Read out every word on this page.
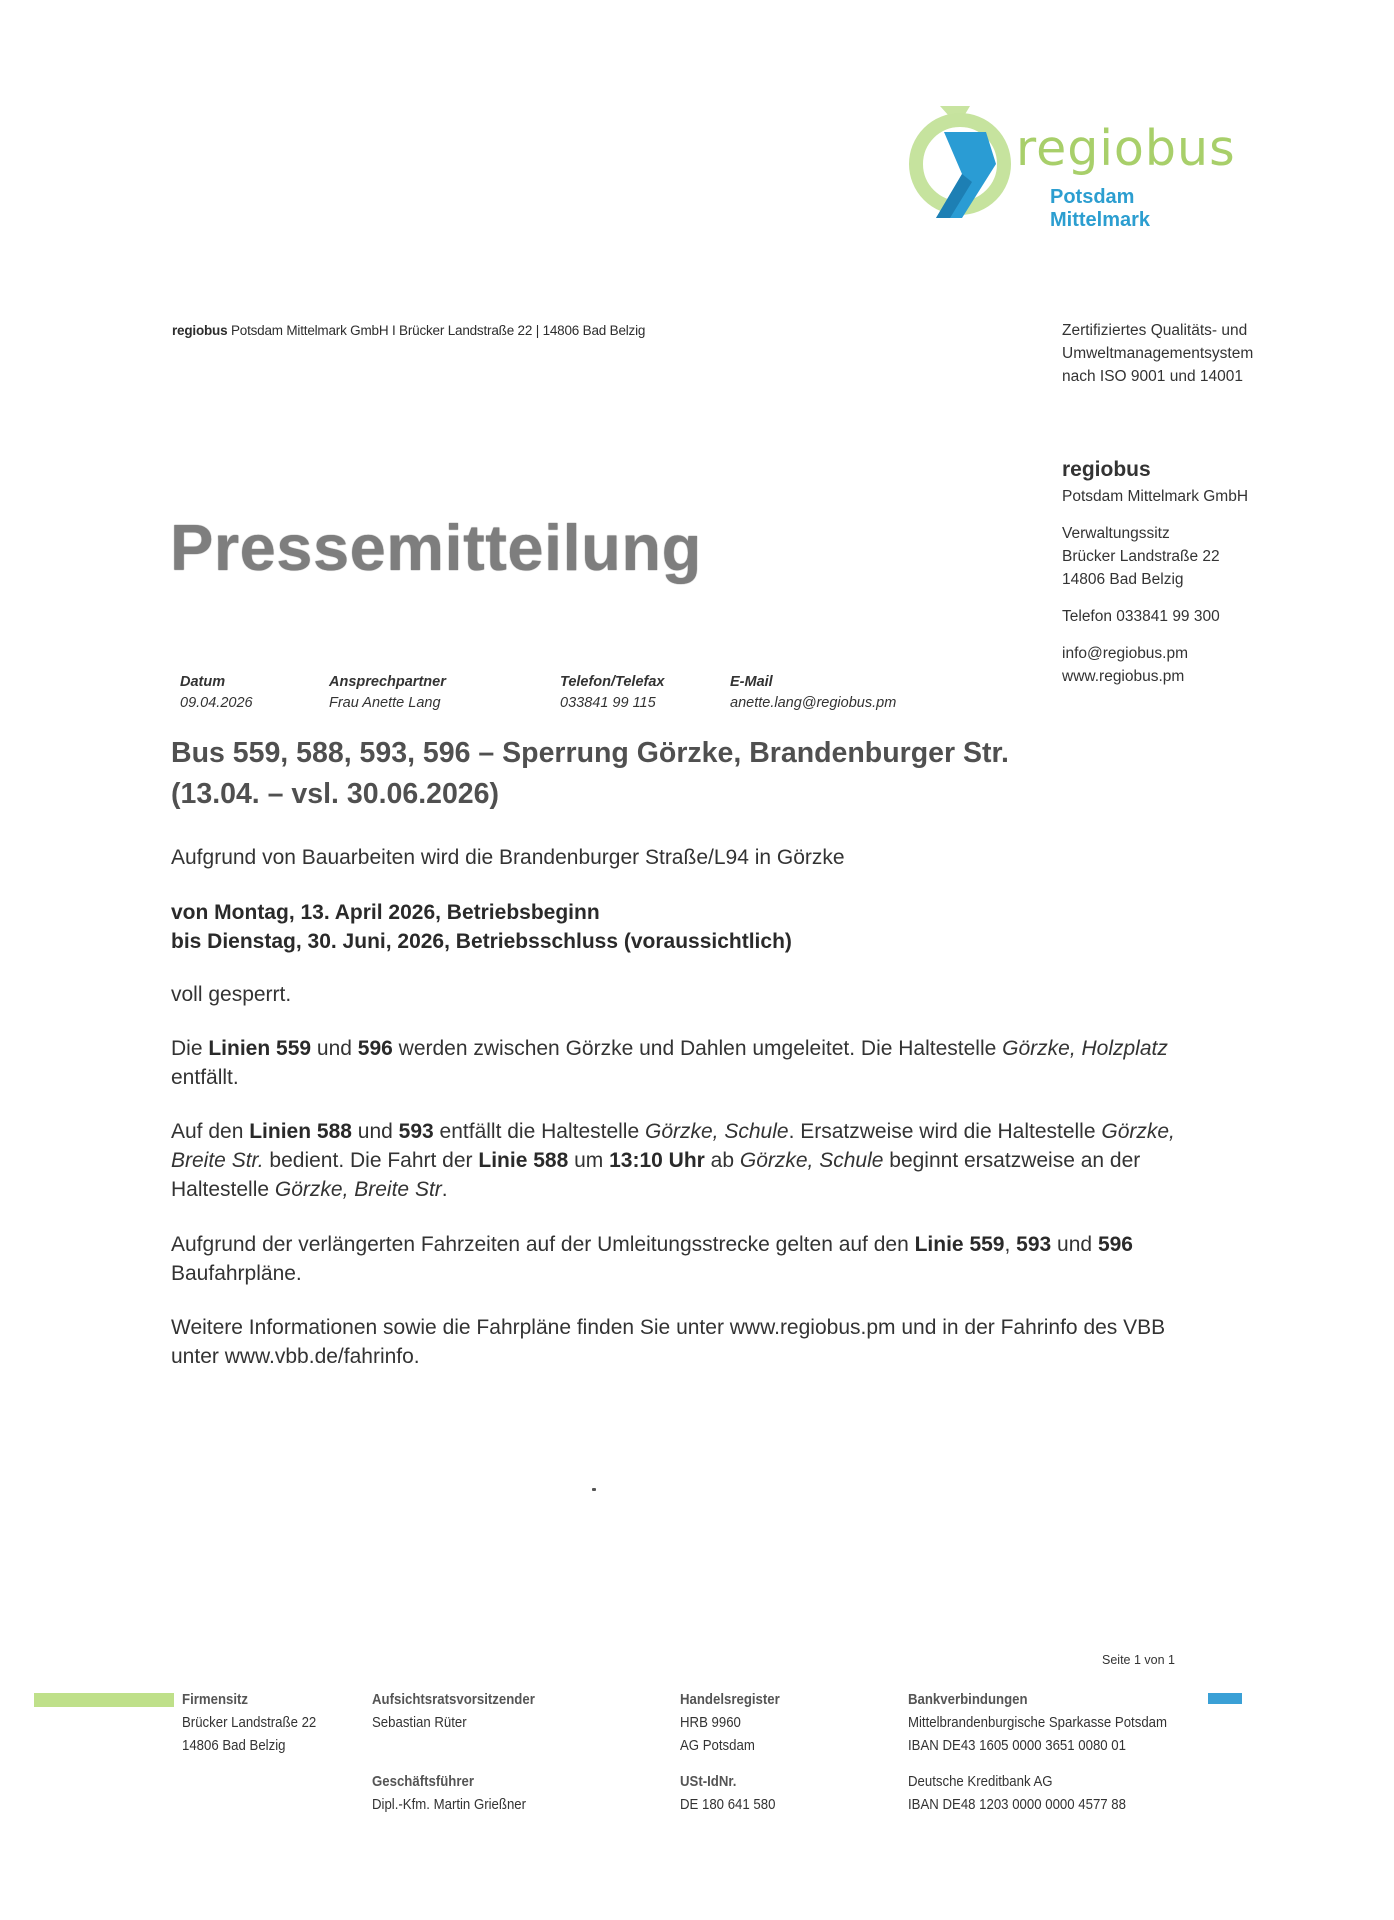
regiobus
Potsdam Mittelmark
regiobus Potsdam Mittelmark GmbH I Brücker Landstraße 22 | 14806 Bad Belzig	Zertifiziertes Qualitäts- und
Umweltmanagementsystem
nach ISO 9001 und 14001
regiobus
Potsdam Mittelmark GmbH
Verwaltungssitz
Brücker Landstraße 22
14806 Bad Belzig
Telefon 033841 99 300
info@regiobus.pm
www.regiobus.pm
Pressemitteilung
Datum
09.04.2026
Ansprechpartner
Frau Anette Lang
Telefon/Telefax
033841 99 115
E-Mail
anette.lang@regiobus.pm
Bus 559, 588, 593, 596 – Sperrung Görzke, Brandenburger Str.
(13.04. – vsl. 30.06.2026)
Aufgrund von Bauarbeiten wird die Brandenburger Straße/L94 in Görzke
von Montag, 13. April 2026, Betriebsbeginn
bis Dienstag, 30. Juni, 2026, Betriebsschluss (voraussichtlich)
voll gesperrt.
Die Linien 559 und 596 werden zwischen Görzke und Dahlen umgeleitet. Die Haltestelle Görzke, Holzplatz entfällt.
Auf den Linien 588 und 593 entfällt die Haltestelle Görzke, Schule. Ersatzweise wird die Haltestelle Görzke, Breite Str. bedient. Die Fahrt der Linie 588 um 13:10 Uhr ab Görzke, Schule beginnt ersatzweise an der Haltestelle Görzke, Breite Str.
Aufgrund der verlängerten Fahrzeiten auf der Umleitungsstrecke gelten auf den Linie 559, 593 und 596 Baufahrpläne.
Weitere Informationen sowie die Fahrpläne finden Sie unter www.regiobus.pm und in der Fahrinfo des VBB unter www.vbb.de/fahrinfo.
Seite 1 von 1
Firmensitz
Brücker Landstraße 22
14806 Bad Belzig
Aufsichtsratsvorsitzender
Sebastian Rüter
Geschäftsführer
Dipl.-Kfm. Martin Grießner
Handelsregister
HRB 9960
AG Potsdam
USt-IdNr.
DE 180 641 580
Bankverbindungen
Mittelbrandenburgische Sparkasse Potsdam
IBAN DE43 1605 0000 3651 0080 01
Deutsche Kreditbank AG
IBAN DE48 1203 0000 0000 4577 88
